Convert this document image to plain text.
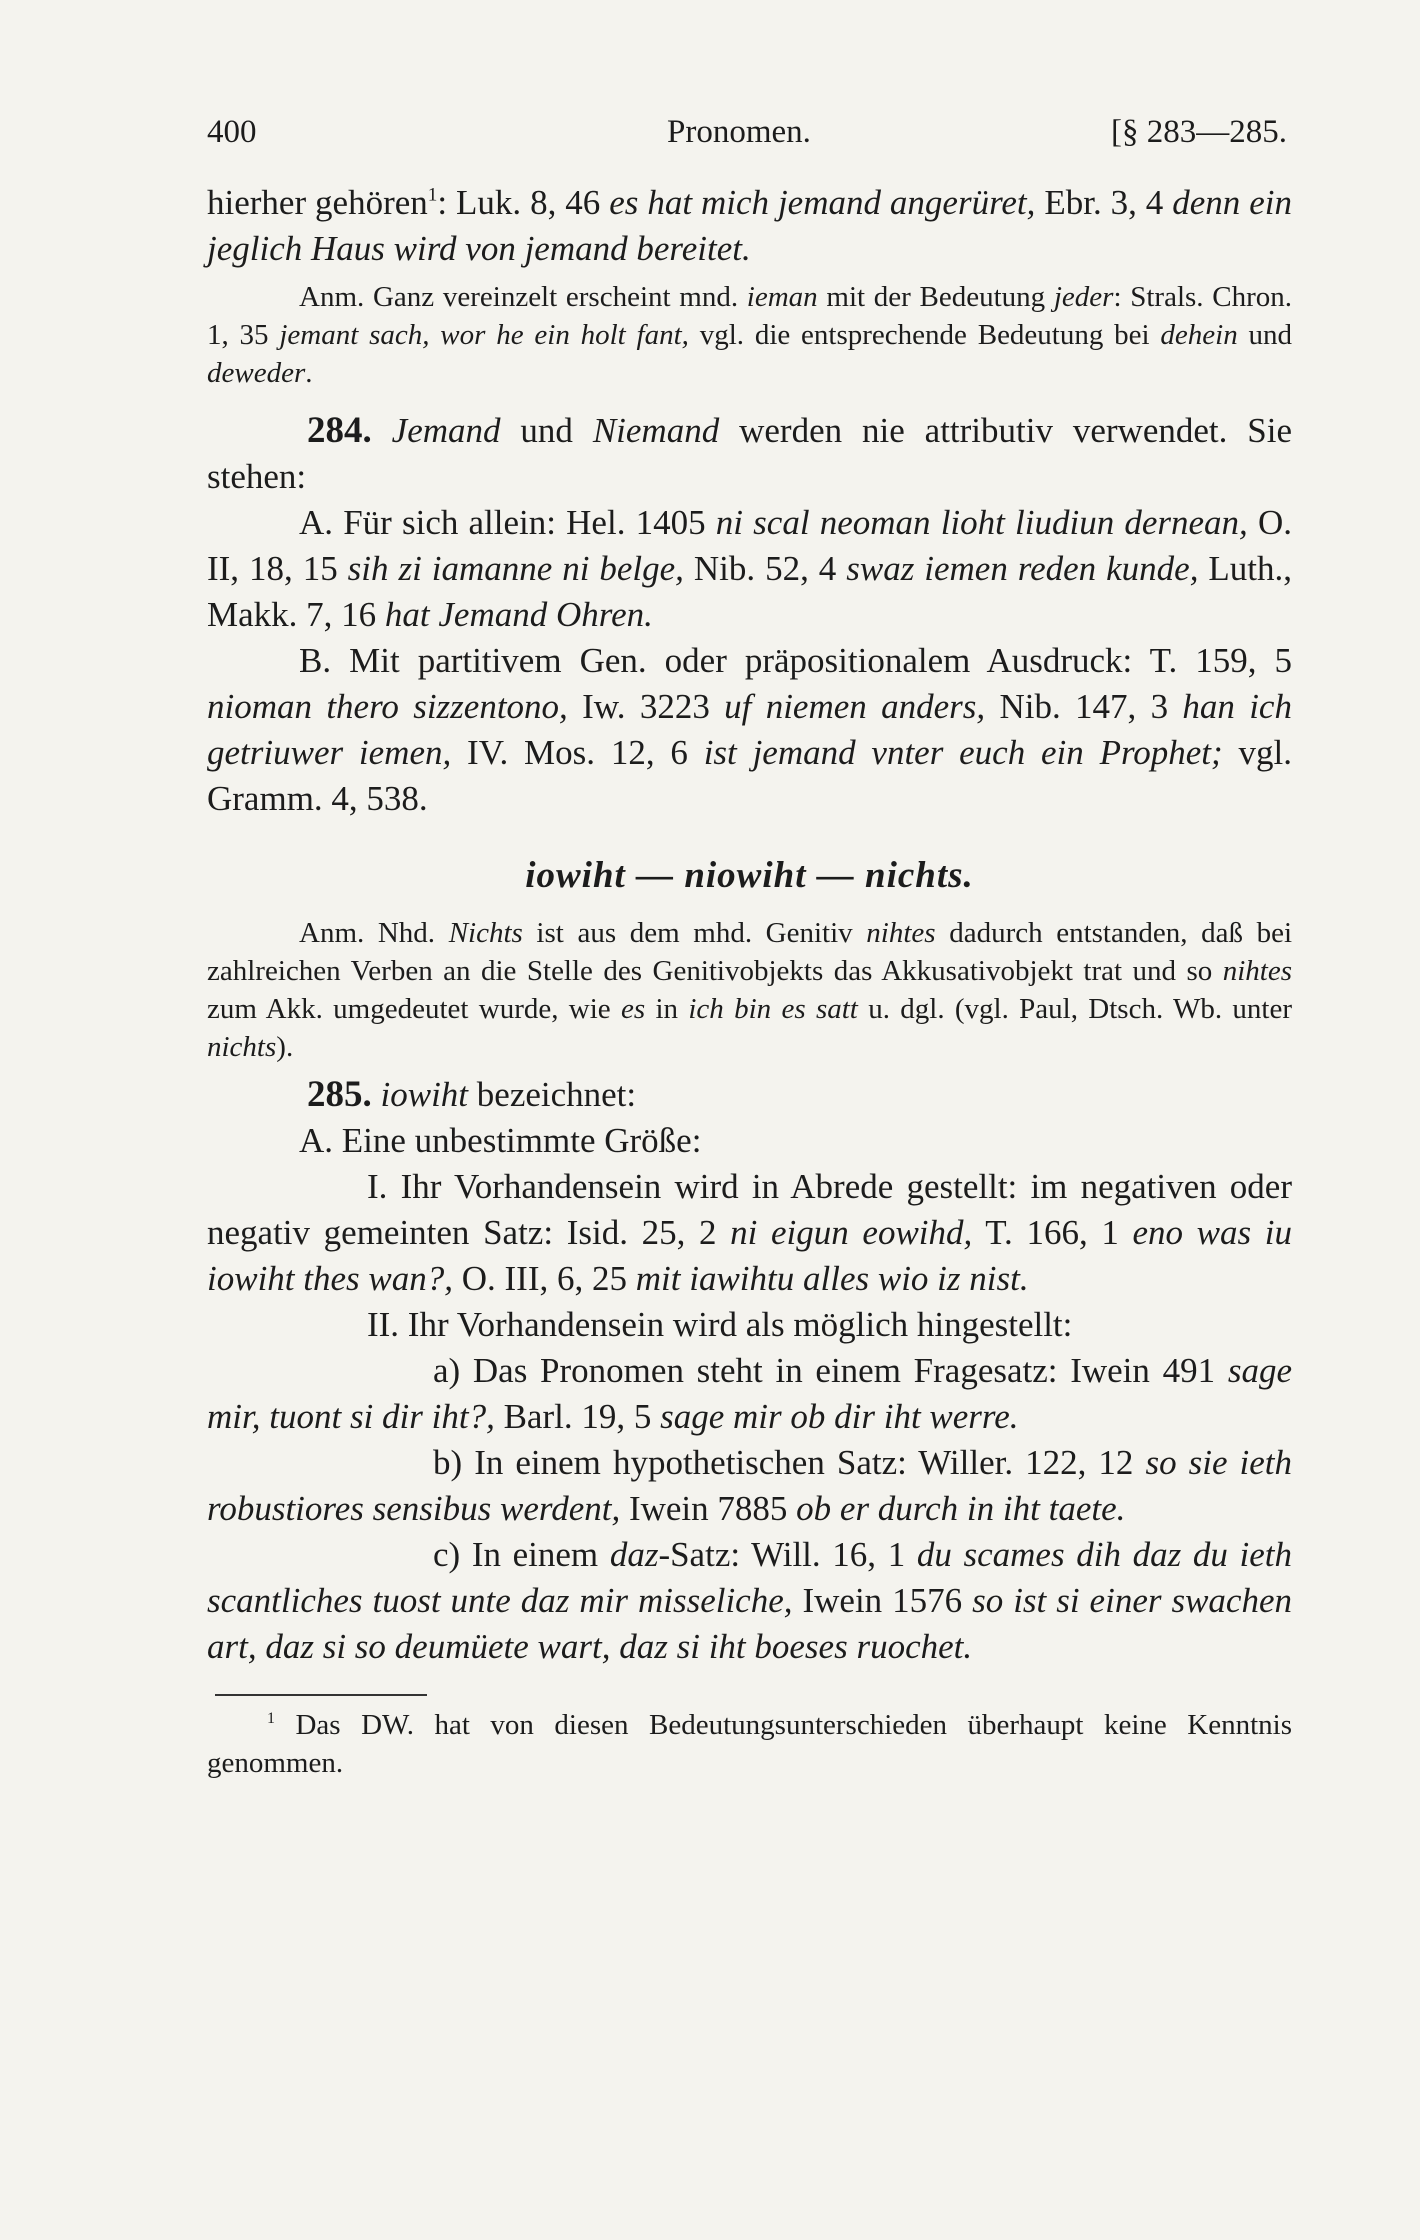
400	Pronomen.	[§ 283—285.

hierher gehören$^1$: Luk. 8, 46 es hat mich jemand angerüret, Ebr. 3, 4 denn ein jeglich Haus wird von jemand bereitet.

Anm. Ganz vereinzelt erscheint mnd. ieman mit der Bedeutung jeder: Strals. Chron. 1, 35 jemant sach, wor he ein holt fant, vgl. die entsprechende Bedeutung bei dehein und deweder.

284. Jemand und Niemand werden nie attributiv verwendet. Sie stehen:

A. Für sich allein: Hel. 1405 ni scal neoman lioht liudiun dernean, O. II, 18, 15 sih zi iamanne ni belge, Nib. 52, 4 swaz iemen reden kunde, Luth., Makk. 7, 16 hat Jemand Ohren.

B. Mit partitivem Gen. oder präpositionalem Ausdruck: T. 159, 5 nioman thero sizzentono, Iw. 3223 uf niemen anders, Nib. 147, 3 han ich getriuwer iemen, IV. Mos. 12, 6 ist jemand vnter euch ein Prophet; vgl. Gramm. 4, 538.

iowiht — niowiht — nichts.

Anm. Nhd. Nichts ist aus dem mhd. Genitiv nihtes dadurch entstanden, daß bei zahlreichen Verben an die Stelle des Genitivobjekts das Akkusativobjekt trat und so nihtes zum Akk. umgedeutet wurde, wie es in ich bin es satt u. dgl. (vgl. Paul, Dtsch. Wb. unter nichts).

285. iowiht bezeichnet:

A. Eine unbestimmte Größe:

I. Ihr Vorhandensein wird in Abrede gestellt: im negativen oder negativ gemeinten Satz: Isid. 25, 2 ni eigun eowihd, T. 166, 1 eno was iu iowiht thes wan?, O. III, 6, 25 mit iawihtu alles wio iz nist.

II. Ihr Vorhandensein wird als möglich hingestellt:

a) Das Pronomen steht in einem Fragesatz: Iwein 491 sage mir, tuont si dir iht?, Barl. 19, 5 sage mir ob dir iht werre.

b) In einem hypothetischen Satz: Willer. 122, 12 so sie ieth robustiores sensibus werdent, Iwein 7885 ob er durch in iht taete.

c) In einem daz-Satz: Will. 16, 1 du scames dih daz du ieth scantliches tuost unte daz mir misseliche, Iwein 1576 so ist si einer swachen art, daz si so deumüete wart, daz si iht boeses ruochet.

$^1$ Das DW. hat von diesen Bedeutungsunterschieden überhaupt keine Kenntnis genommen.
